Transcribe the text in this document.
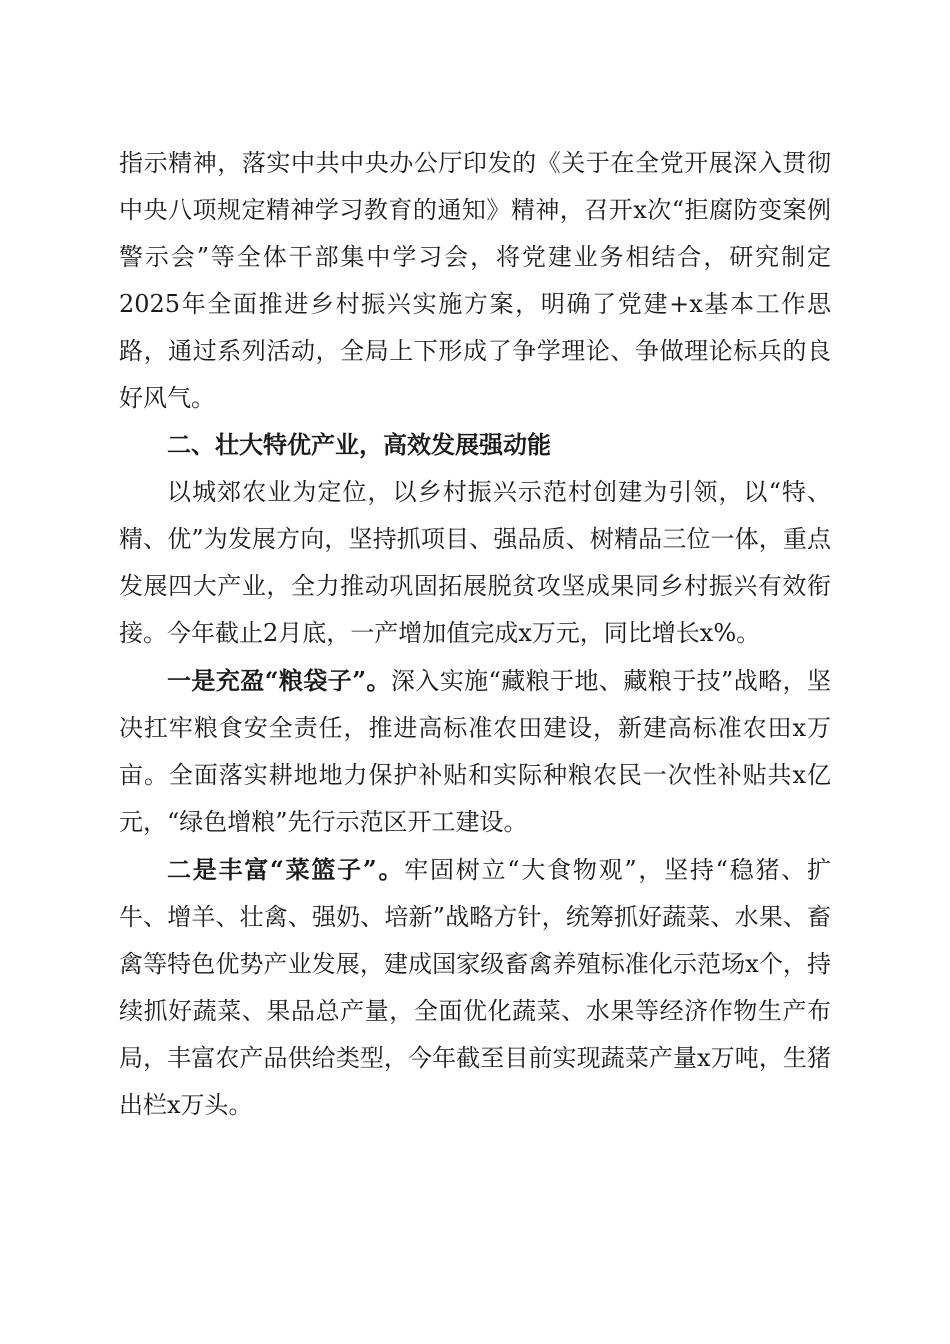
指示精神，落实中共中央办公厅印发的《关于在全党开展深入贯彻中央八项规定精神学习教育的通知》精神，召开x次“拒腐防变案例警示会”等全体干部集中学习会，将党建业务相结合，研究制定2025年全面推进乡村振兴实施方案，明确了党建+x基本工作思路，通过系列活动，全局上下形成了争学理论、争做理论标兵的良好风气。

二、壮大特优产业，高效发展强动能

以城郊农业为定位，以乡村振兴示范村创建为引领，以“特、精、优”为发展方向，坚持抓项目、强品质、树精品三位一体，重点发展四大产业，全力推动巩固拓展脱贫攻坚成果同乡村振兴有效衔接。今年截止2月底，一产增加值完成x万元，同比增长x%。

一是充盈“粮袋子”。深入实施“藏粮于地、藏粮于技”战略，坚决扛牢粮食安全责任，推进高标准农田建设，新建高标准农田x万亩。全面落实耕地地力保护补贴和实际种粮农民一次性补贴共x亿元，“绿色增粮”先行示范区开工建设。

二是丰富“菜篮子”。牢固树立“大食物观”，坚持“稳猪、扩牛、增羊、壮禽、强奶、培新”战略方针，统筹抓好蔬菜、水果、畜禽等特色优势产业发展，建成国家级畜禽养殖标准化示范场x个，持续抓好蔬菜、果品总产量，全面优化蔬菜、水果等经济作物生产布局，丰富农产品供给类型，今年截至目前实现蔬菜产量x万吨，生猪出栏x万头。
